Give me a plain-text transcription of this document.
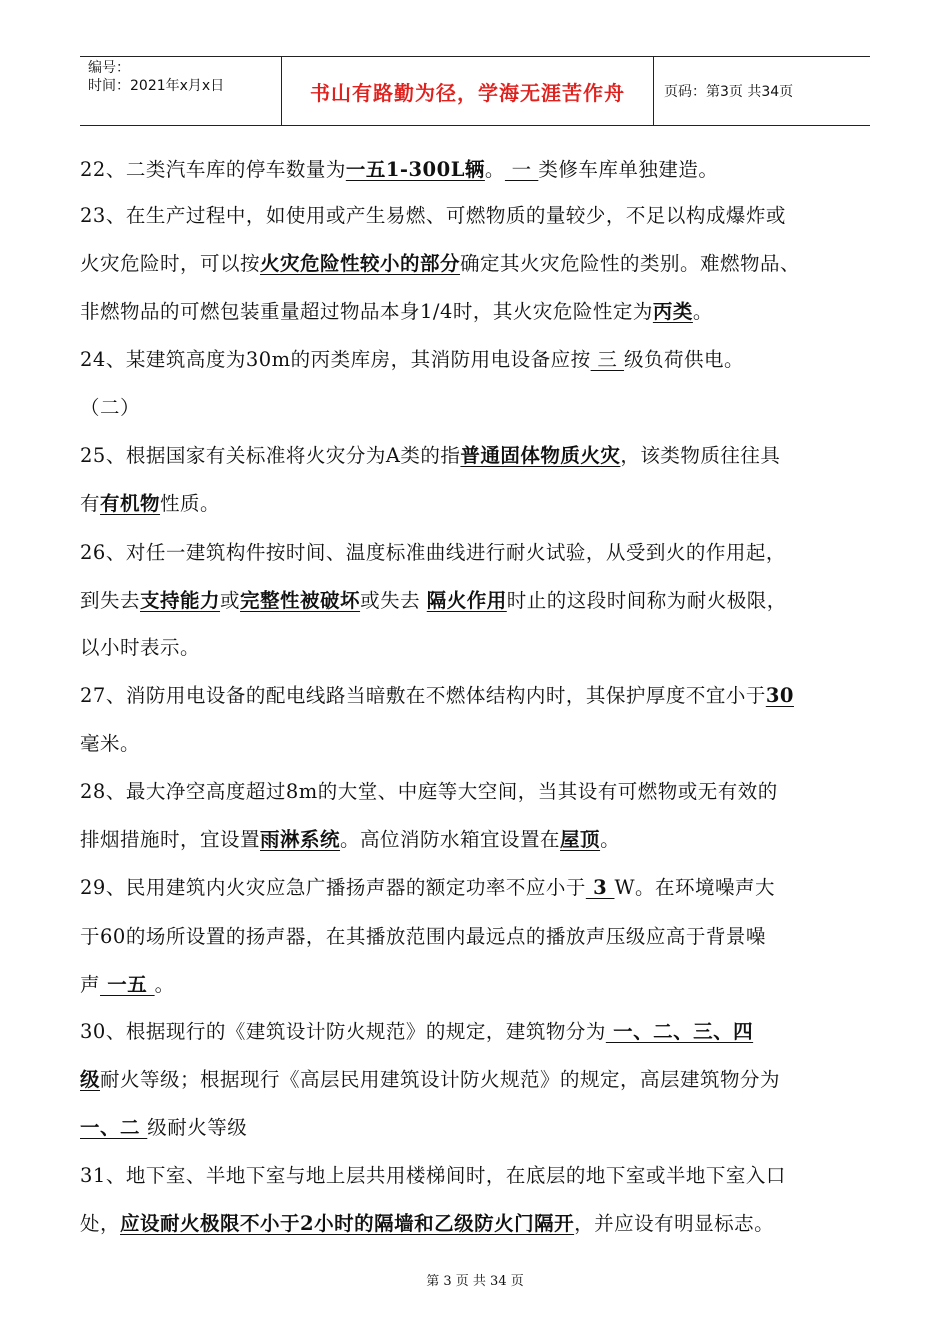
编号：
时间：2021年x月x日	书山有路勤为径，学海无涯苦作舟	页码：第3页 共34页
22、二类汽车库的停车数量为一五1-300L辆。 一 类修车库单独建造。
23、在生产过程中，如使用或产生易燃、可燃物质的量较少，不足以构成爆炸或
火灾危险时，可以按火灾危险性较小的部分确定其火灾危险性的类别。难燃物品、
非燃物品的可燃包装重量超过物品本身1/4时，其火灾危险性定为丙类。
24、某建筑高度为30m的丙类库房，其消防用电设备应按 三 级负荷供电。
（二）
25、根据国家有关标准将火灾分为A类的指普通固体物质火灾，该类物质往往具
有有机物性质。
26、对任一建筑构件按时间、温度标准曲线进行耐火试验，从受到火的作用起，
到失去支持能力或完整性被破坏或失去 隔火作用时止的这段时间称为耐火极限，
以小时表示。
27、消防用电设备的配电线路当暗敷在不燃体结构内时，其保护厚度不宜小于30
毫米。
28、最大净空高度超过8m的大堂、中庭等大空间，当其设有可燃物或无有效的
排烟措施时，宜设置雨淋系统。高位消防水箱宜设置在屋顶。
29、民用建筑内火灾应急广播扬声器的额定功率不应小于 3 W。在环境噪声大
于60的场所设置的扬声器，在其播放范围内最远点的播放声压级应高于背景噪
声 一五 。
30、根据现行的《建筑设计防火规范》的规定，建筑物分为 一、二、三、四
级耐火等级；根据现行《高层民用建筑设计防火规范》的规定，高层建筑物分为
一、二 级耐火等级
31、地下室、半地下室与地上层共用楼梯间时，在底层的地下室或半地下室入口
处，应设耐火极限不小于2小时的隔墙和乙级防火门隔开，并应设有明显标志。
第 3 页 共 34 页
